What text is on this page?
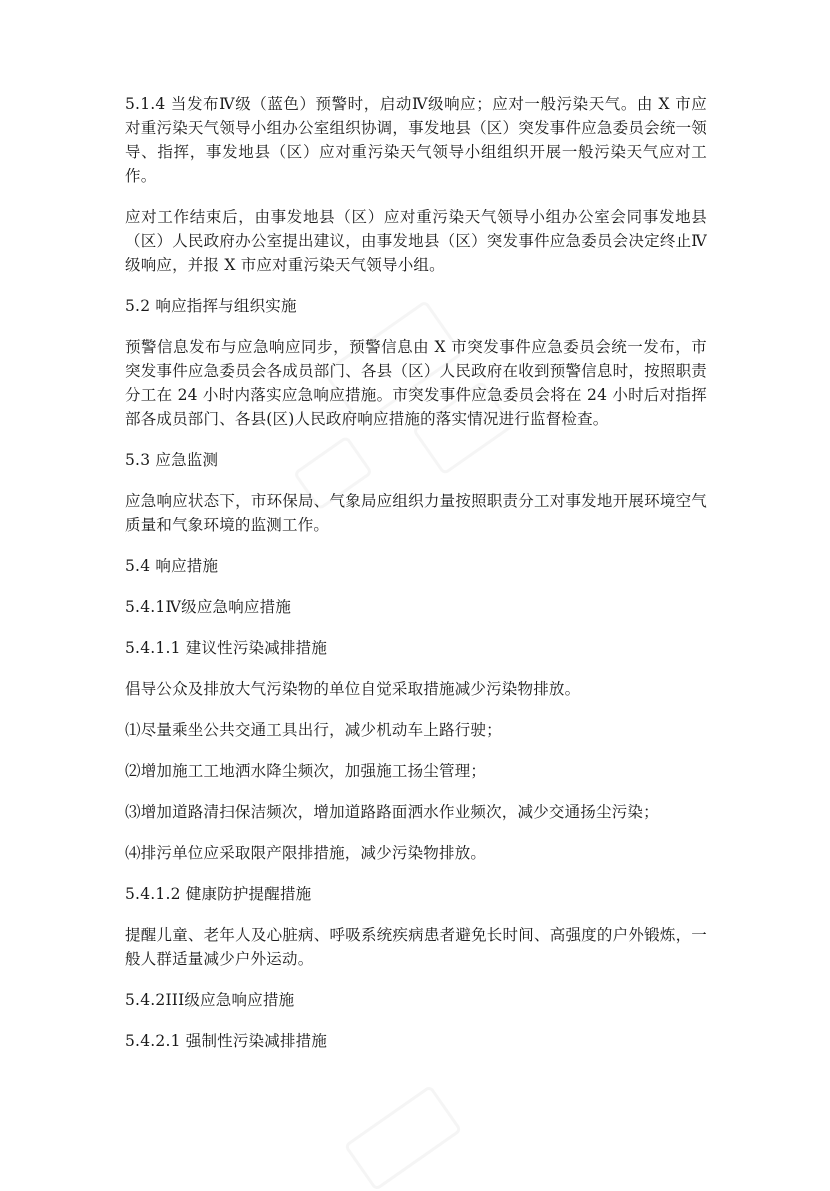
5.1.4 当发布Ⅳ级（蓝色）预警时，启动Ⅳ级响应；应对一般污染天气。由 X 市应对重污染天气领导小组办公室组织协调，事发地县（区）突发事件应急委员会统一领导、指挥，事发地县（区）应对重污染天气领导小组组织开展一般污染天气应对工作。

应对工作结束后，由事发地县（区）应对重污染天气领导小组办公室会同事发地县（区）人民政府办公室提出建议，由事发地县（区）突发事件应急委员会决定终止Ⅳ级响应，并报 X 市应对重污染天气领导小组。

5.2 响应指挥与组织实施

预警信息发布与应急响应同步，预警信息由 X 市突发事件应急委员会统一发布，市突发事件应急委员会各成员部门、各县（区）人民政府在收到预警信息时，按照职责分工在 24 小时内落实应急响应措施。市突发事件应急委员会将在 24 小时后对指挥部各成员部门、各县(区)人民政府响应措施的落实情况进行监督检查。

5.3 应急监测

应急响应状态下，市环保局、气象局应组织力量按照职责分工对事发地开展环境空气质量和气象环境的监测工作。

5.4 响应措施

5.4.1Ⅳ级应急响应措施

5.4.1.1 建议性污染减排措施

倡导公众及排放大气污染物的单位自觉采取措施减少污染物排放。

⑴尽量乘坐公共交通工具出行，减少机动车上路行驶；

⑵增加施工工地洒水降尘频次，加强施工扬尘管理；

⑶增加道路清扫保洁频次，增加道路路面洒水作业频次，减少交通扬尘污染；

⑷排污单位应采取限产限排措施，减少污染物排放。

5.4.1.2 健康防护提醒措施

提醒儿童、老年人及心脏病、呼吸系统疾病患者避免长时间、高强度的户外锻炼，一般人群适量减少户外运动。

5.4.2III级应急响应措施

5.4.2.1 强制性污染减排措施
